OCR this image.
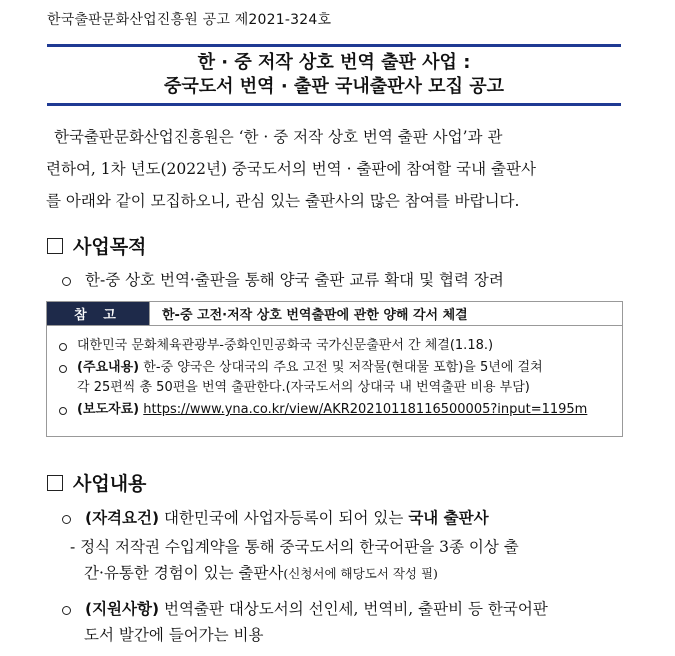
한국출판문화산업진흥원 공고 제2021-324호
한 · 중 저작 상호 번역 출판 사업 :
중국도서 번역 · 출판 국내출판사 모집 공고
한국출판문화산업진흥원은 ‘한 · 중 저작 상호 번역 출판 사업’과 관
련하여, 1차 년도(2022년) 중국도서의 번역 · 출판에 참여할 국내 출판사
를 아래와 같이 모집하오니, 관심 있는 출판사의 많은 참여를 바랍니다.
사업목적
한-중 상호 번역·출판을 통해 양국 출판 교류 확대 및 협력 장려
참 고	한-중 고전·저작 상호 번역출판에 관한 양해 각서 체결
대한민국 문화체육관광부-중화인민공화국 국가신문출판서 간 체결(1.18.)
(주요내용) 한-중 양국은 상대국의 주요 고전 및 저작물(현대물 포함)을 5년에 걸쳐
각 25편씩 총 50편을 번역 출판한다.(자국도서의 상대국 내 번역출판 비용 부담)
(보도자료) https://www.yna.co.kr/view/AKR20210118116500005?input=1195m
사업내용
(자격요건) 대한민국에 사업자등록이 되어 있는 국내 출판사
- 정식 저작권 수입계약을 통해 중국도서의 한국어판을 3종 이상 출
간·유통한 경험이 있는 출판사(신청서에 해당도서 작성 필)
(지원사항) 번역출판 대상도서의 선인세, 번역비, 출판비 등 한국어판
도서 발간에 들어가는 비용
